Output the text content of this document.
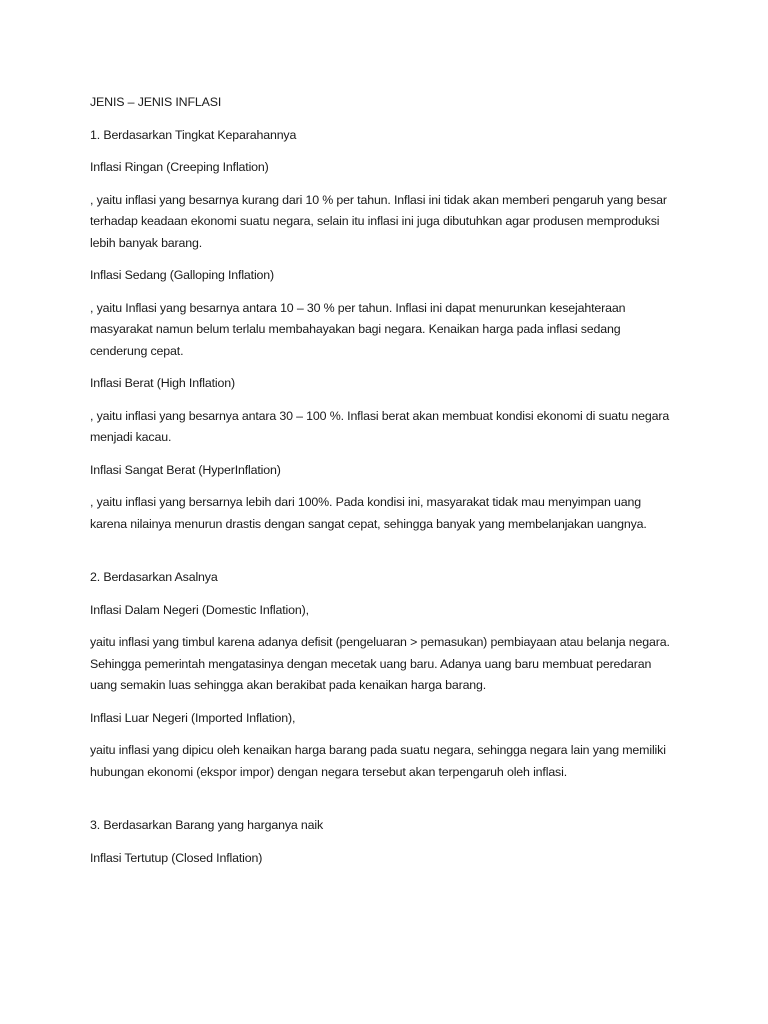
JENIS – JENIS INFLASI

1. Berdasarkan Tingkat Keparahannya

Inflasi Ringan (Creeping Inflation)

, yaitu inflasi yang besarnya kurang dari 10 % per tahun. Inflasi ini tidak akan memberi pengaruh yang besar terhadap keadaan ekonomi suatu negara, selain itu inflasi ini juga dibutuhkan agar produsen memproduksi lebih banyak barang.

Inflasi Sedang (Galloping Inflation)

, yaitu Inflasi yang besarnya antara 10 – 30 % per tahun. Inflasi ini dapat menurunkan kesejahteraan masyarakat namun belum terlalu membahayakan bagi negara. Kenaikan harga pada inflasi sedang cenderung cepat.

Inflasi Berat (High Inflation)

, yaitu inflasi yang besarnya antara 30 – 100 %. Inflasi berat akan membuat kondisi ekonomi di suatu negara menjadi kacau.

Inflasi Sangat Berat (HyperInflation)

, yaitu inflasi yang bersarnya lebih dari 100%. Pada kondisi ini, masyarakat tidak mau menyimpan uang karena nilainya menurun drastis dengan sangat cepat, sehingga banyak yang membelanjakan uangnya.

2. Berdasarkan Asalnya

Inflasi Dalam Negeri (Domestic Inflation),

yaitu inflasi yang timbul karena adanya defisit (pengeluaran > pemasukan) pembiayaan atau belanja negara. Sehingga pemerintah mengatasinya dengan mecetak uang baru. Adanya uang baru membuat peredaran uang semakin luas sehingga akan berakibat pada kenaikan harga barang.

Inflasi Luar Negeri (Imported Inflation),

yaitu inflasi yang dipicu oleh kenaikan harga barang pada suatu negara, sehingga negara lain yang memiliki hubungan ekonomi (ekspor impor) dengan negara tersebut akan terpengaruh oleh inflasi.

3. Berdasarkan Barang yang harganya naik

Inflasi Tertutup (Closed Inflation)
